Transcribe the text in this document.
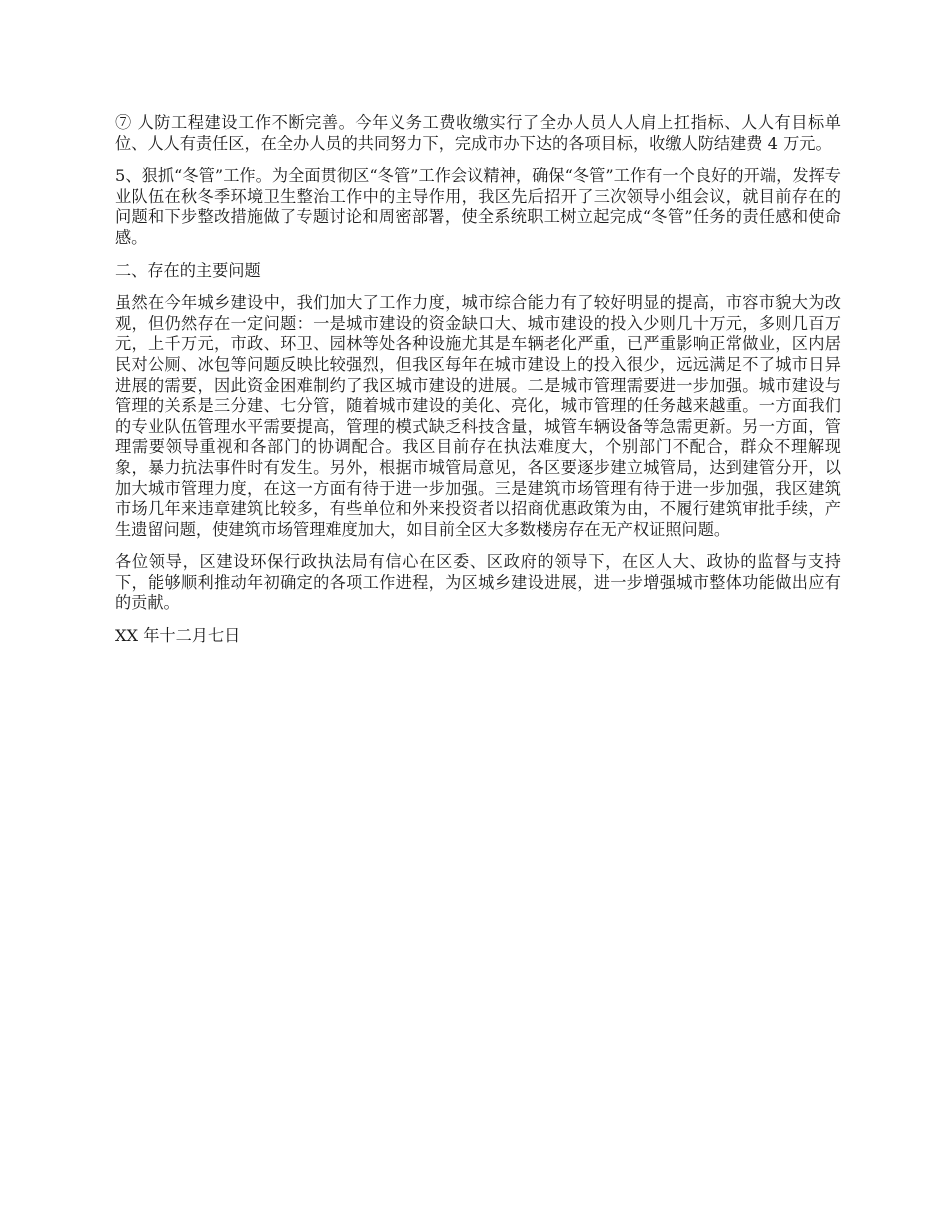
⑦ 人防工程建设工作不断完善。今年义务工费收缴实行了全办人员人人肩上扛指标、人人有目标单位、人人有责任区，在全办人员的共同努力下，完成市办下达的各项目标，收缴人防结建费 4 万元。

5、狠抓“冬管”工作。为全面贯彻区“冬管”工作会议精神，确保“冬管”工作有一个良好的开端，发挥专业队伍在秋冬季环境卫生整治工作中的主导作用，我区先后招开了三次领导小组会议，就目前存在的问题和下步整改措施做了专题讨论和周密部署，使全系统职工树立起完成“冬管”任务的责任感和使命感。

二、存在的主要问题

虽然在今年城乡建设中，我们加大了工作力度，城市综合能力有了较好明显的提高，市容市貌大为改观，但仍然存在一定问题：一是城市建设的资金缺口大、城市建设的投入少则几十万元，多则几百万元，上千万元，市政、环卫、园林等处各种设施尤其是车辆老化严重，已严重影响正常做业，区内居民对公厕、冰包等问题反映比较强烈，但我区每年在城市建设上的投入很少，远远满足不了城市日异进展的需要，因此资金困难制约了我区城市建设的进展。二是城市管理需要进一步加强。城市建设与管理的关系是三分建、七分管，随着城市建设的美化、亮化，城市管理的任务越来越重。一方面我们的专业队伍管理水平需要提高，管理的模式缺乏科技含量，城管车辆设备等急需更新。另一方面，管理需要领导重视和各部门的协调配合。我区目前存在执法难度大，个别部门不配合，群众不理解现象，暴力抗法事件时有发生。另外，根据市城管局意见，各区要逐步建立城管局，达到建管分开，以加大城市管理力度，在这一方面有待于进一步加强。三是建筑市场管理有待于进一步加强，我区建筑市场几年来违章建筑比较多，有些单位和外来投资者以招商优惠政策为由，不履行建筑审批手续，产生遗留问题，使建筑市场管理难度加大，如目前全区大多数楼房存在无产权证照问题。

各位领导，区建设环保行政执法局有信心在区委、区政府的领导下，在区人大、政协的监督与支持下，能够顺利推动年初确定的各项工作进程，为区城乡建设进展，进一步增强城市整体功能做出应有的贡献。

XX 年十二月七日
